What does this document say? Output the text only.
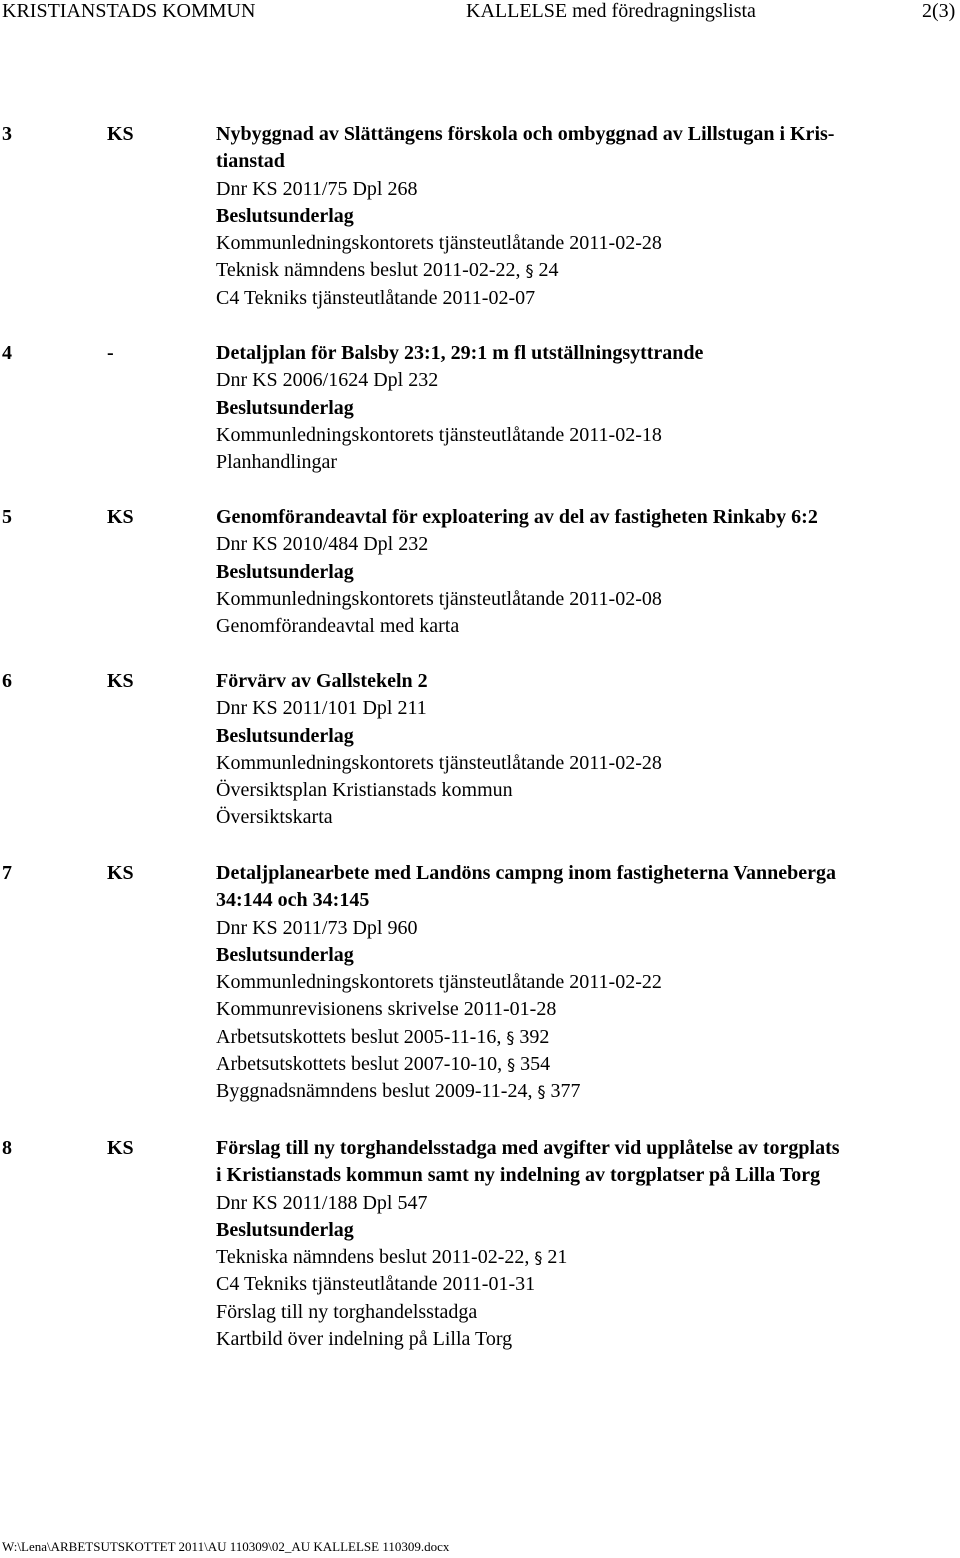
KRISTIANSTADS KOMMUN	KALLELSE med föredragningslista	2(3)
3	KS	Nybyggnad av Slättängens förskola och ombyggnad av Lillstugan i Kris-
tianstad
Dnr KS 2011/75 Dpl 268
Beslutsunderlag
Kommunledningskontorets tjänsteutlåtande 2011-02-28
Teknisk nämndens beslut 2011-02-22, § 24
C4 Tekniks tjänsteutlåtande 2011-02-07
4	-	Detaljplan för Balsby 23:1, 29:1 m fl utställningsyttrande
Dnr KS 2006/1624 Dpl 232
Beslutsunderlag
Kommunledningskontorets tjänsteutlåtande 2011-02-18
Planhandlingar
5	KS	Genomförandeavtal för exploatering av del av fastigheten Rinkaby 6:2
Dnr KS 2010/484 Dpl 232
Beslutsunderlag
Kommunledningskontorets tjänsteutlåtande 2011-02-08
Genomförandeavtal med karta
6	KS	Förvärv av Gallstekeln 2
Dnr KS 2011/101 Dpl 211
Beslutsunderlag
Kommunledningskontorets tjänsteutlåtande 2011-02-28
Översiktsplan Kristianstads kommun
Översiktskarta
7	KS	Detaljplanearbete med Landöns campng inom fastigheterna Vanneberga
34:144 och 34:145
Dnr KS 2011/73 Dpl 960
Beslutsunderlag
Kommunledningskontorets tjänsteutlåtande 2011-02-22
Kommunrevisionens skrivelse 2011-01-28
Arbetsutskottets beslut 2005-11-16, § 392
Arbetsutskottets beslut 2007-10-10, § 354
Byggnadsnämndens beslut 2009-11-24, § 377
8	KS	Förslag till ny torghandelsstadga med avgifter vid upplåtelse av torgplats
i Kristianstads kommun samt ny indelning av torgplatser på Lilla Torg
Dnr KS 2011/188 Dpl 547
Beslutsunderlag
Tekniska nämndens beslut 2011-02-22, § 21
C4 Tekniks tjänsteutlåtande 2011-01-31
Förslag till ny torghandelsstadga
Kartbild över indelning på Lilla Torg
W:\Lena\ARBETSUTSKOTTET 2011\AU 110309\02_AU KALLELSE 110309.docx
